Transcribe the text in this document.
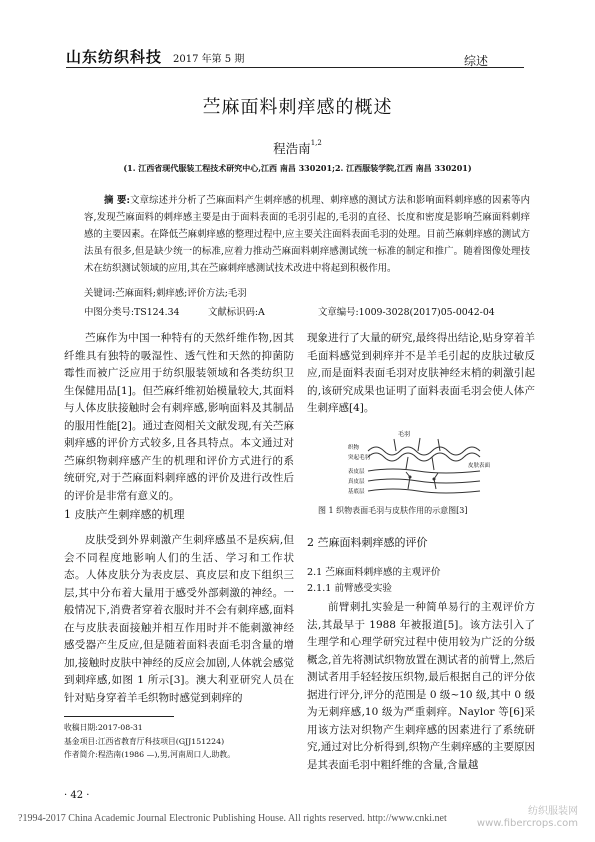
山东纺织科技 2017 年第 5 期	综述
苎麻面料刺痒感的概述
程浩南$^{1,2}$
(1. 江西省现代服装工程技术研究中心,江西 南昌 330201;2. 江西服装学院,江西 南昌 330201)
摘 要:文章综述并分析了苎麻面料产生刺痒感的机理、刺痒感的测试方法和影响面料刺痒感的因素等内容,发现苎麻面料的刺痒感主要是由于面料表面的毛羽引起的,毛羽的直径、长度和密度是影响苎麻面料刺痒感的主要因素。在降低苎麻刺痒感的整理过程中,应主要关注面料表面毛羽的处理。目前苎麻刺痒感的测试方法虽有很多,但是缺少统一的标准,应着力推动苎麻面料刺痒感测试统一标准的制定和推广。随着图像处理技术在纺织测试领域的应用,其在苎麻刺痒感测试技术改进中将起到积极作用。
关键词:苎麻面料;刺痒感;评价方法;毛羽
中图分类号:TS124.34	文献标识码:A	文章编号:1009-3028(2017)05-0042-04

苎麻作为中国一种特有的天然纤维作物,因其纤维具有独特的吸湿性、透气性和天然的抑菌防霉性而被广泛应用于纺织服装领域和各类纺织卫生保健用品[1]。但苎麻纤维初始模量较大,其面料与人体皮肤接触时会有刺痒感,影响面料及其制品的服用性能[2]。通过查阅相关文献发现,有关苎麻刺痒感的评价方式较多,且各具特点。本文通过对苎麻织物刺痒感产生的机理和评价方式进行的系统研究,对于苎麻面料刺痒感的评价及进行改性后的评价是非常有意义的。

现象进行了大量的研究,最终得出结论,贴身穿着羊毛面料感觉到刺痒并不是羊毛引起的皮肤过敏反应,而是面料表面毛羽对皮肤神经末梢的刺激引起的,该研究成果也证明了面料表面毛羽会使人体产生刺痒感[4]。

毛羽
织物
突起毛羽
表皮层
真皮层
基底层
皮肤表面
图 1 织物表面毛羽与皮肤作用的示意图[3]
1 皮肤产生刺痒感的机理

皮肤受到外界刺激产生刺痒感虽不是疾病,但会不同程度地影响人们的生活、学习和工作状态。人体皮肤分为表皮层、真皮层和皮下组织三层,其中分布着大量用于感受外部刺激的神经。一般情况下,消费者穿着衣服时并不会有刺痒感,面料在与皮肤表面接触并相互作用时并不能刺激神经感受器产生反应,但是随着面料表面毛羽含量的增加,接触时皮肤中神经的反应会加剧,人体就会感觉到刺痒感,如图 1 所示[3]。澳大利亚研究人员在针对贴身穿着羊毛织物时感觉到刺痒的

2 苎麻面料刺痒感的评价
2.1 苎麻面料刺痒感的主观评价
2.1.1 前臂感受实验

前臂刺扎实验是一种简单易行的主观评价方法,其最早于 1988 年被报道[5]。该方法引入了生理学和心理学研究过程中使用较为广泛的分级概念,首先将测试织物放置在测试者的前臂上,然后测试者用手轻轻按压织物,最后根据自己的评分依据进行评分,评分的范围是 0 级~10 级,其中 0 级为无刺痒感,10 级为严重刺痒。Naylor 等[6]采用该方法对织物产生刺痒感的因素进行了系统研究,通过对比分析得到,织物产生刺痒感的主要原因是其表面毛羽中粗纤维的含量,含量越

收稿日期:2017-08-31
基金项目:江西省教育厅科技项目(GJJ151224)
作者简介:程浩南(1986 —),男,河南周口人,助教。
· 42 ·
?1994-2017 China Academic Journal Electronic Publishing House. All rights reserved. http://www.cnki.net
纺织服装网
www.fibercrops.com
